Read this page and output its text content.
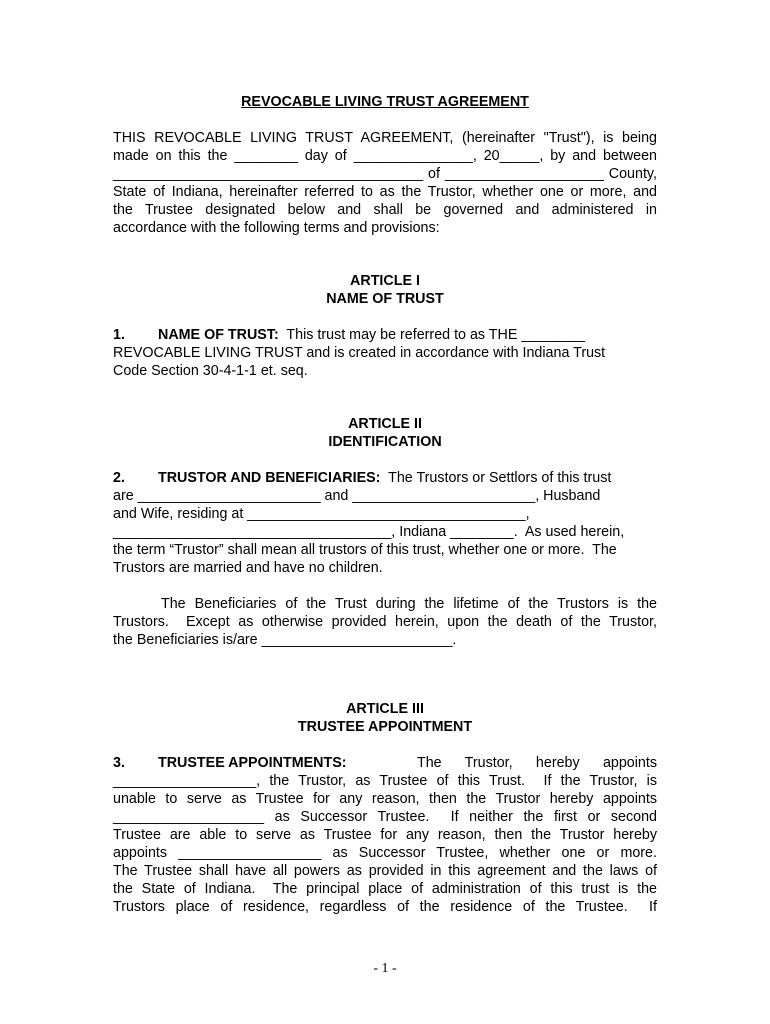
REVOCABLE LIVING TRUST AGREEMENT
THIS REVOCABLE LIVING TRUST AGREEMENT, (hereinafter "Trust"), is being
made on this the ________ day of _______________, 20_____, by and between
_______________________________________ of ____________________ County,
State of Indiana, hereinafter referred to as the Trustor, whether one or more, and
the Trustee designated below and shall be governed and administered in
accordance with the following terms and provisions:
ARTICLE I
NAME OF TRUST
1. NAME OF TRUST: This trust may be referred to as THE ________
REVOCABLE LIVING TRUST and is created in accordance with Indiana Trust
Code Section 30-4-1-1 et. seq.
ARTICLE II
IDENTIFICATION
2. TRUSTOR AND BENEFICIARIES: The Trustors or Settlors of this trust
are _______________________ and _______________________, Husband
and Wife, residing at ___________________________________,
___________________________________, Indiana ________.  As used herein,
the term “Trustor” shall mean all trustors of this trust, whether one or more.  The
Trustors are married and have no children.
The Beneficiaries of the Trust during the lifetime of the Trustors is the
Trustors.  Except as otherwise provided herein, upon the death of the Trustor,
the Beneficiaries is/are ________________________.
ARTICLE III
TRUSTEE APPOINTMENT
3. TRUSTEE APPOINTMENTS:	The Trustor, hereby appoints
__________________, the Trustor, as Trustee of this Trust.  If the Trustor, is
unable to serve as Trustee for any reason, then the Trustor hereby appoints
___________________ as Successor Trustee.  If neither the first or second
Trustee are able to serve as Trustee for any reason, then the Trustor hereby
appoints __________________ as Successor Trustee, whether one or more.
The Trustee shall have all powers as provided in this agreement and the laws of
the State of Indiana.  The principal place of administration of this trust is the
Trustors place of residence, regardless of the residence of the Trustee.  If
- 1 -
